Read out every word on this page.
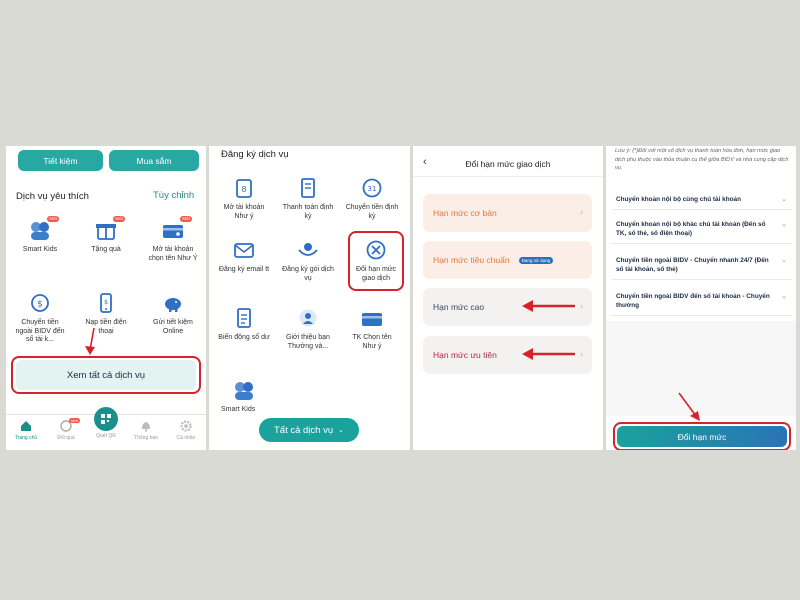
Tiết kiệm	Mua sắm
Dịch vụ yêu thích	Tùy chỉnh
Mới
Smart Kids
Mới
Tặng quà
Mới
Mở tài khoản chọn tên Như Ý
$
Chuyển tiền ngoài BIDV đến số tài k...
$
Nạp tiền điện thoại
Gửi tiết kiệm Online
Xem tất cả dịch vụ
Trang chủ	Đổi quà
Mới
Quét QR	Thông báo	Cá nhân
Đăng ký dịch vụ
8
Mở tài khoản Như ý
Thanh toán định kỳ
31
Chuyển tiền định kỳ
Đăng ký email tt Đăng ký gói dịch vụ
Đổi hạn mức giao dịch
Biến động số dư	Giới thiệu bạn Thưởng và...
TK Chọn tên Như ý
Smart Kids
Tất cả dịch vụ ⌄
‹	Đổi hạn mức giao dịch
Hạn mức cơ bản	›
Hạn mức tiêu chuẩn	Đang sử dụng
Hạn mức cao	›
Hạn mức ưu tiên	›
Lưu ý: (*)Đối với một số dịch vụ thanh toán hóa đơn, hạn mức giao dịch phụ thuộc vào thỏa thuận cụ thể giữa BIDV và nhà cung cấp dịch vụ.
Chuyển khoản nội bộ cùng chủ tài khoản	⌄
Chuyển khoản nội bộ khác chủ tài khoản (Đến số TK, số thẻ, số điện thoại)
⌄
Chuyển tiền ngoài BIDV - Chuyển nhanh 24/7 (Đến số tài khoản, số thẻ)
⌄
Chuyển tiền ngoài BIDV đến số tài khoản - Chuyển thường
⌄
Đổi hạn mức
